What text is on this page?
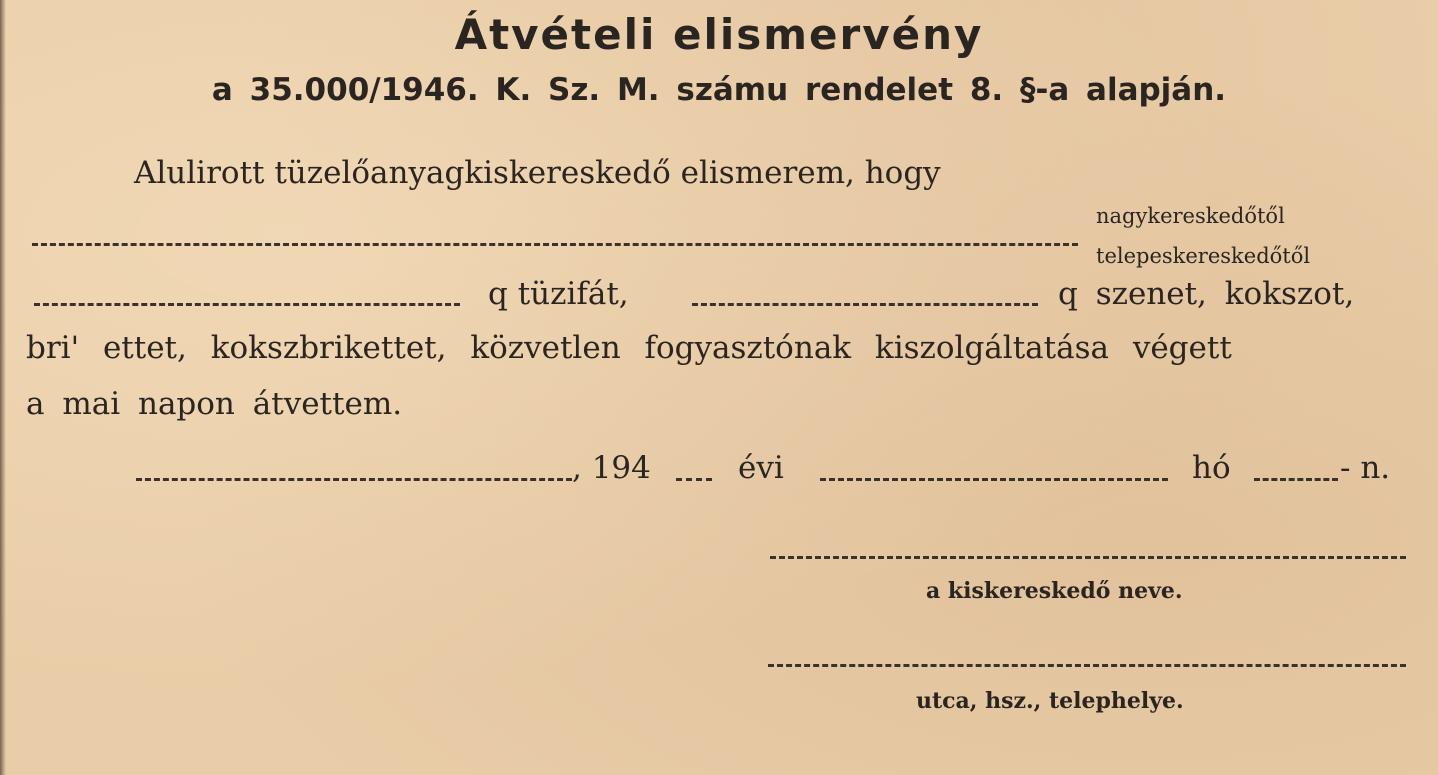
Átvételi elismervény
a 35.000/1946. K. Sz. M. számu rendelet 8. §-a alapján.
Alulirott tüzelőanyagkiskereskedő elismerem, hogy
nagykereskedőtől
telepeskereskedőtől
q tüzifát,	q szenet, kokszot,
bri' ettet, kokszbrikettet, közvetlen fogyasztónak kiszolgáltatása végett
a mai napon átvettem.
, 194	évi	hó	- n.
a kiskereskedő neve.
utca, hsz., telephelye.
